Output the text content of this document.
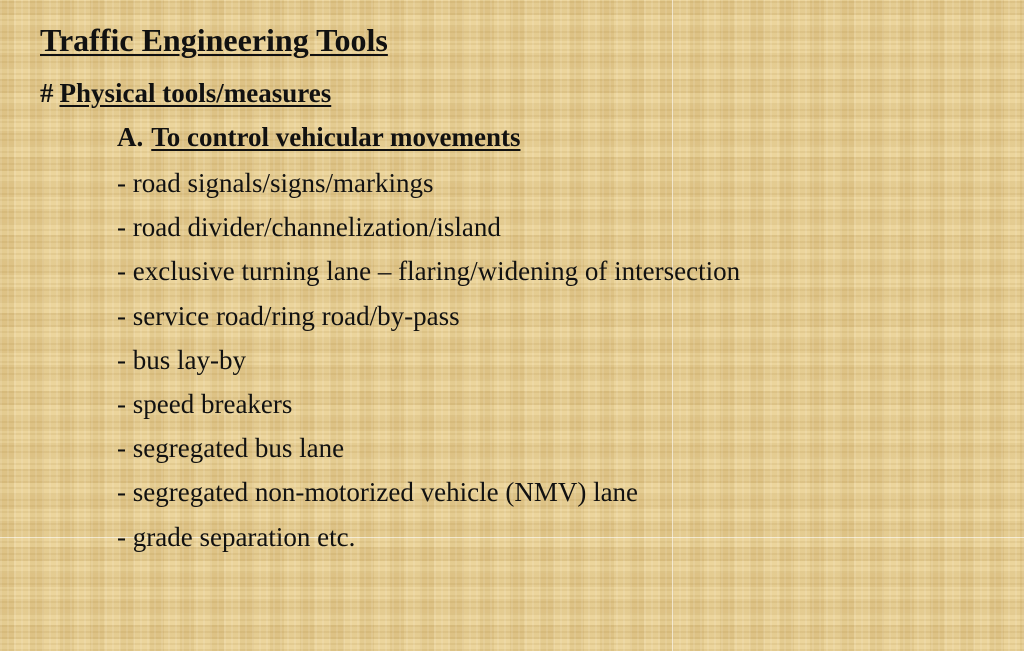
Traffic Engineering Tools
# Physical tools/measures
A. To control vehicular movements
- road signals/signs/markings
- road divider/channelization/island
- exclusive turning lane – flaring/widening of intersection
- service road/ring road/by-pass
- bus lay-by
- speed breakers
- segregated bus lane
- segregated non-motorized vehicle (NMV) lane
- grade separation etc.
